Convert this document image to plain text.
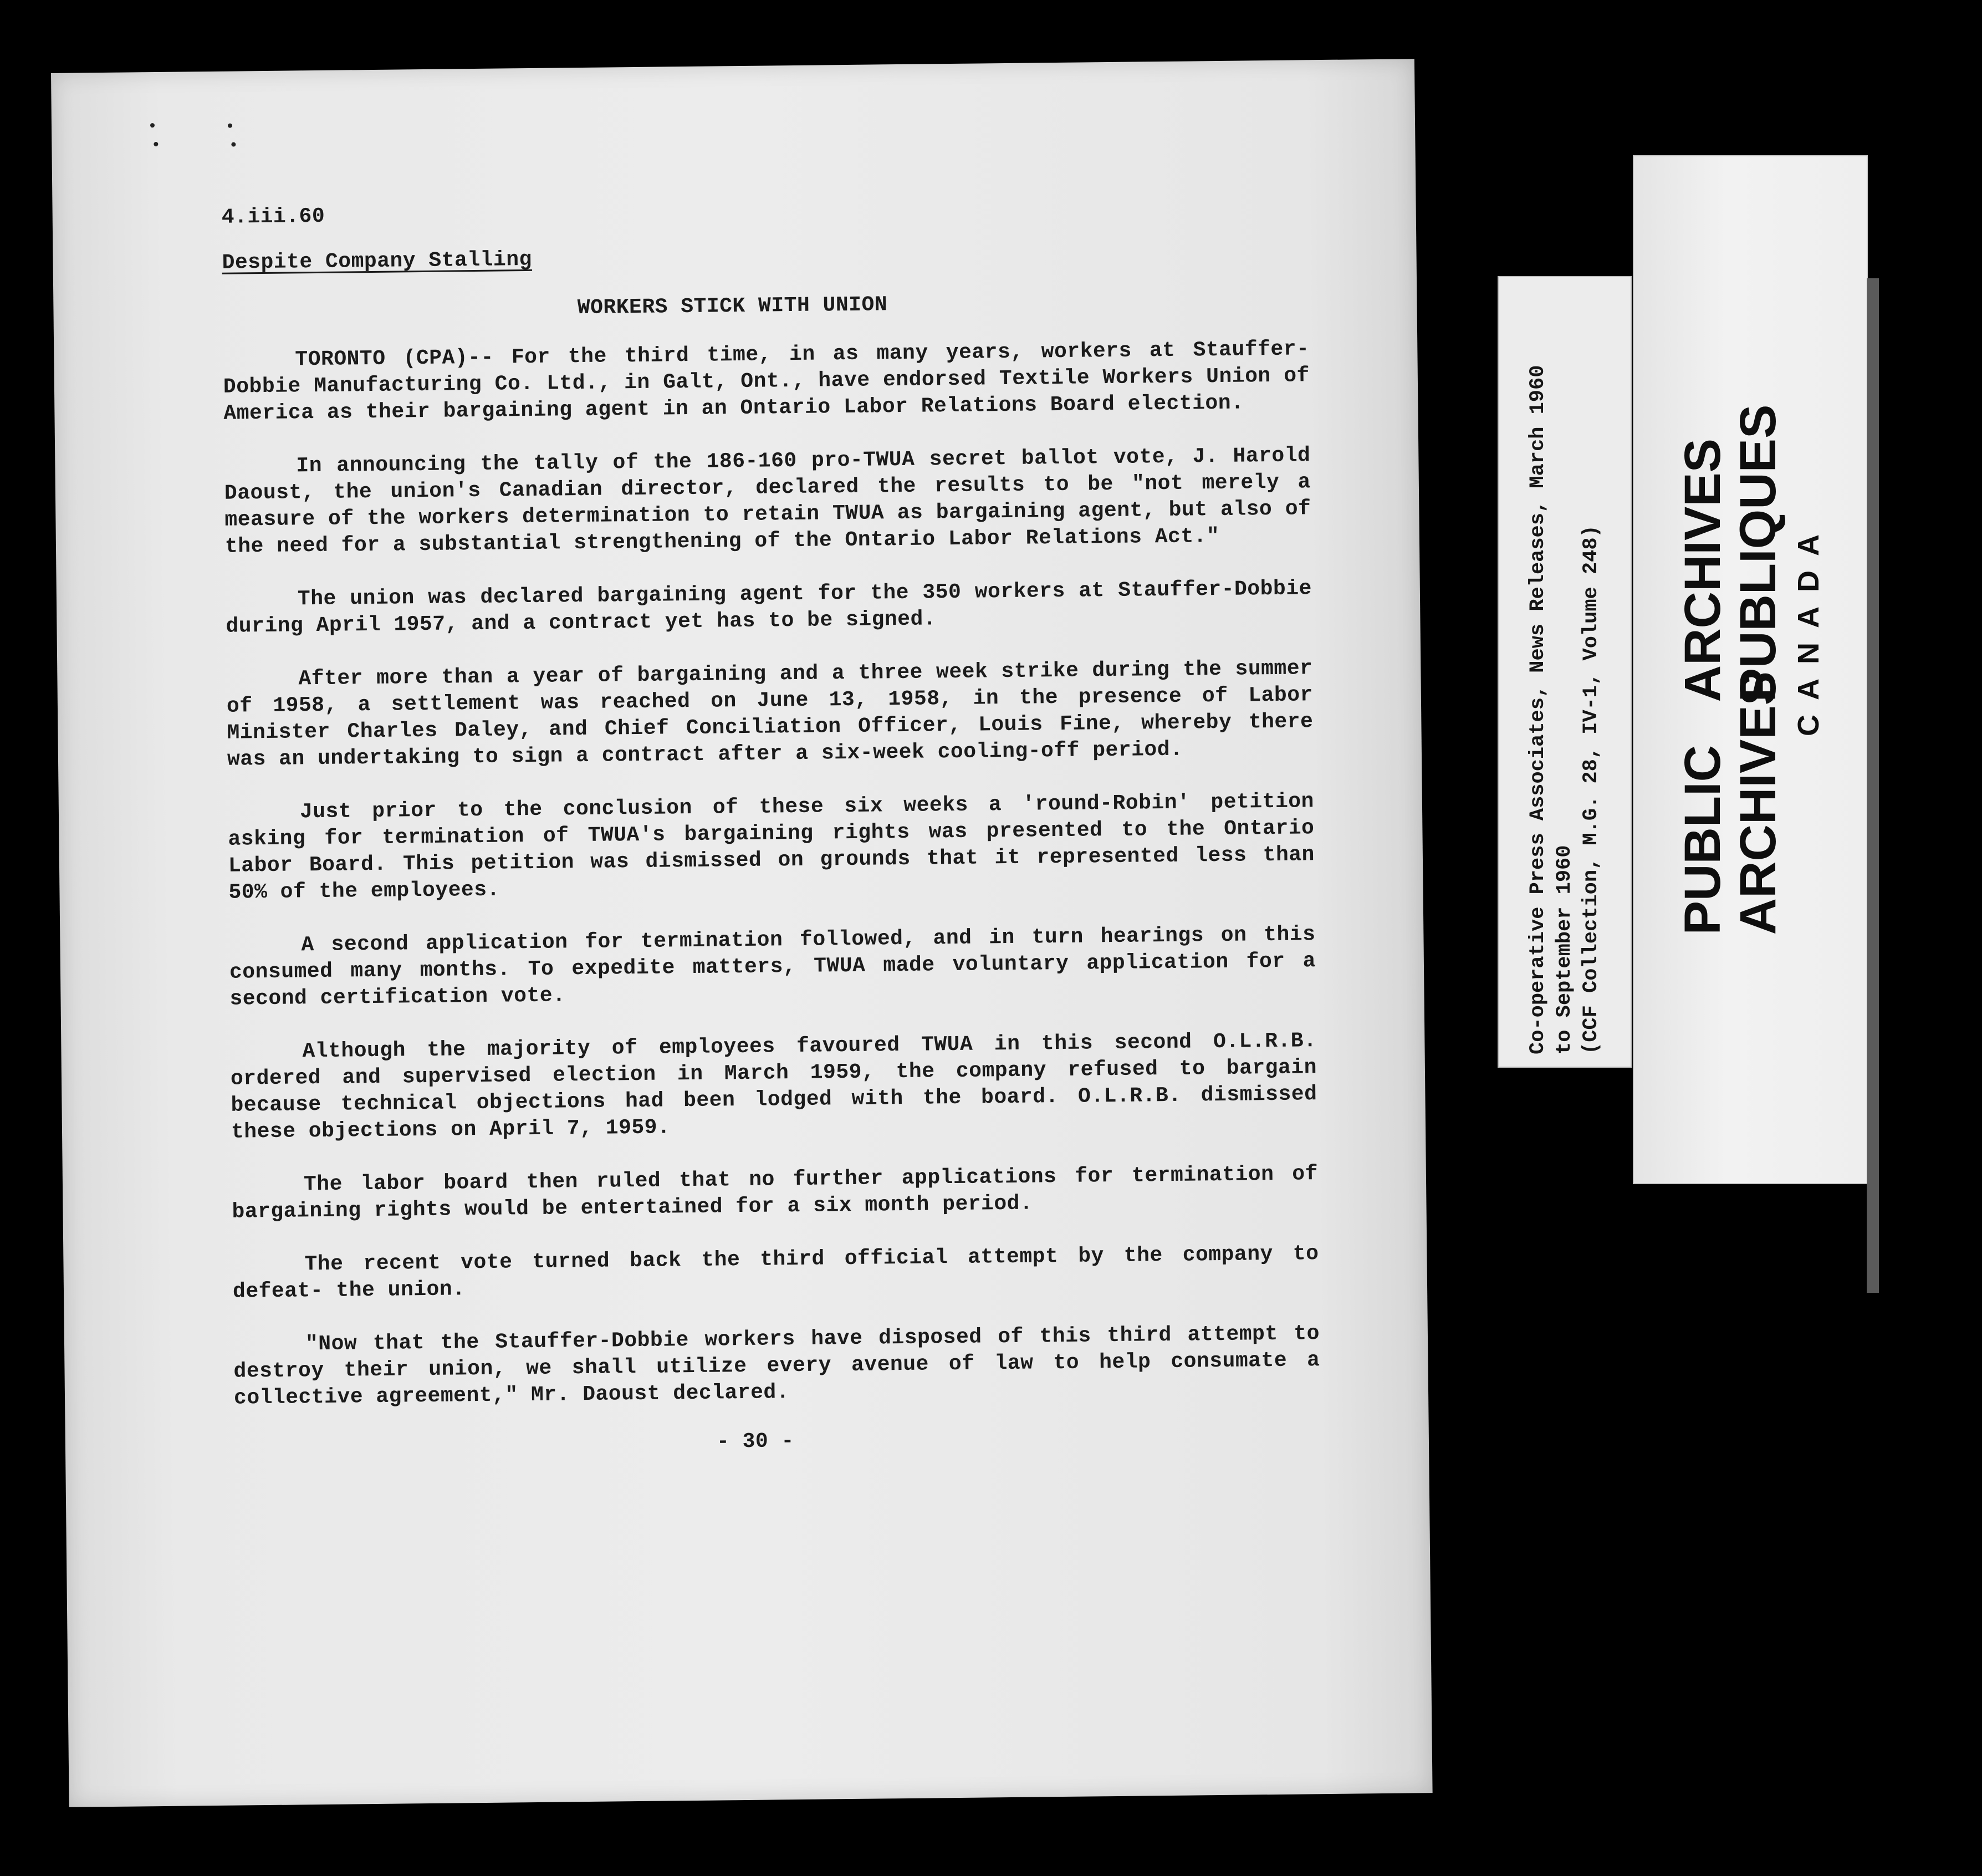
4.iii.60
Despite Company Stalling
WORKERS STICK WITH UNION

TORONTO (CPA)-- For the third time, in as many years, workers at Stauffer-Dobbie Manufacturing Co. Ltd., in Galt, Ont., have endorsed Textile Workers Union of America as their bargaining agent in an Ontario Labor Relations Board election.

In announcing the tally of the 186-160 pro-TWUA secret ballot vote, J. Harold Daoust, the union's Canadian director, declared the results to be "not merely a measure of the workers determination to retain TWUA as bargaining agent, but also of the need for a substantial strengthening of the Ontario Labor Relations Act."

The union was declared bargaining agent for the 350 workers at Stauffer-Dobbie during April 1957, and a contract yet has to be signed.

After more than a year of bargaining and a three week strike during the summer of 1958, a settlement was reached on June 13, 1958, in the presence of Labor Minister Charles Daley, and Chief Conciliation Officer, Louis Fine, whereby there was an undertaking to sign a contract after a six-week cooling-off period.

Just prior to the conclusion of these six weeks a 'round-Robin' petition asking for termination of TWUA's bargaining rights was presented to the Ontario Labor Board. This petition was dismissed on grounds that it represented less than 50% of the employees.

A second application for termination followed, and in turn hearings on this consumed many months. To expedite matters, TWUA made voluntary application for a second certification vote.

Although the majority of employees favoured TWUA in this second O.L.R.B. ordered and supervised election in March 1959, the company refused to bargain because technical objections had been lodged with the board. O.L.R.B. dismissed these objections on April 7, 1959.

The labor board then ruled that no further applications for termination of bargaining rights would be entertained for a six month period.

The recent vote turned back the third official attempt by the company to defeat- the union.

"Now that the Stauffer-Dobbie workers have disposed of this third attempt to destroy their union, we shall utilize every avenue of law to help consumate a collective agreement," Mr. Daoust declared.

- 30 -
Co-operative Press Associates, News Releases, March 1960 to September 1960 (CCF Collection, M.G. 28, IV-1, Volume 248) PUBLICARCHIVES
ARCHIVESPUBLIQUES CANADA
